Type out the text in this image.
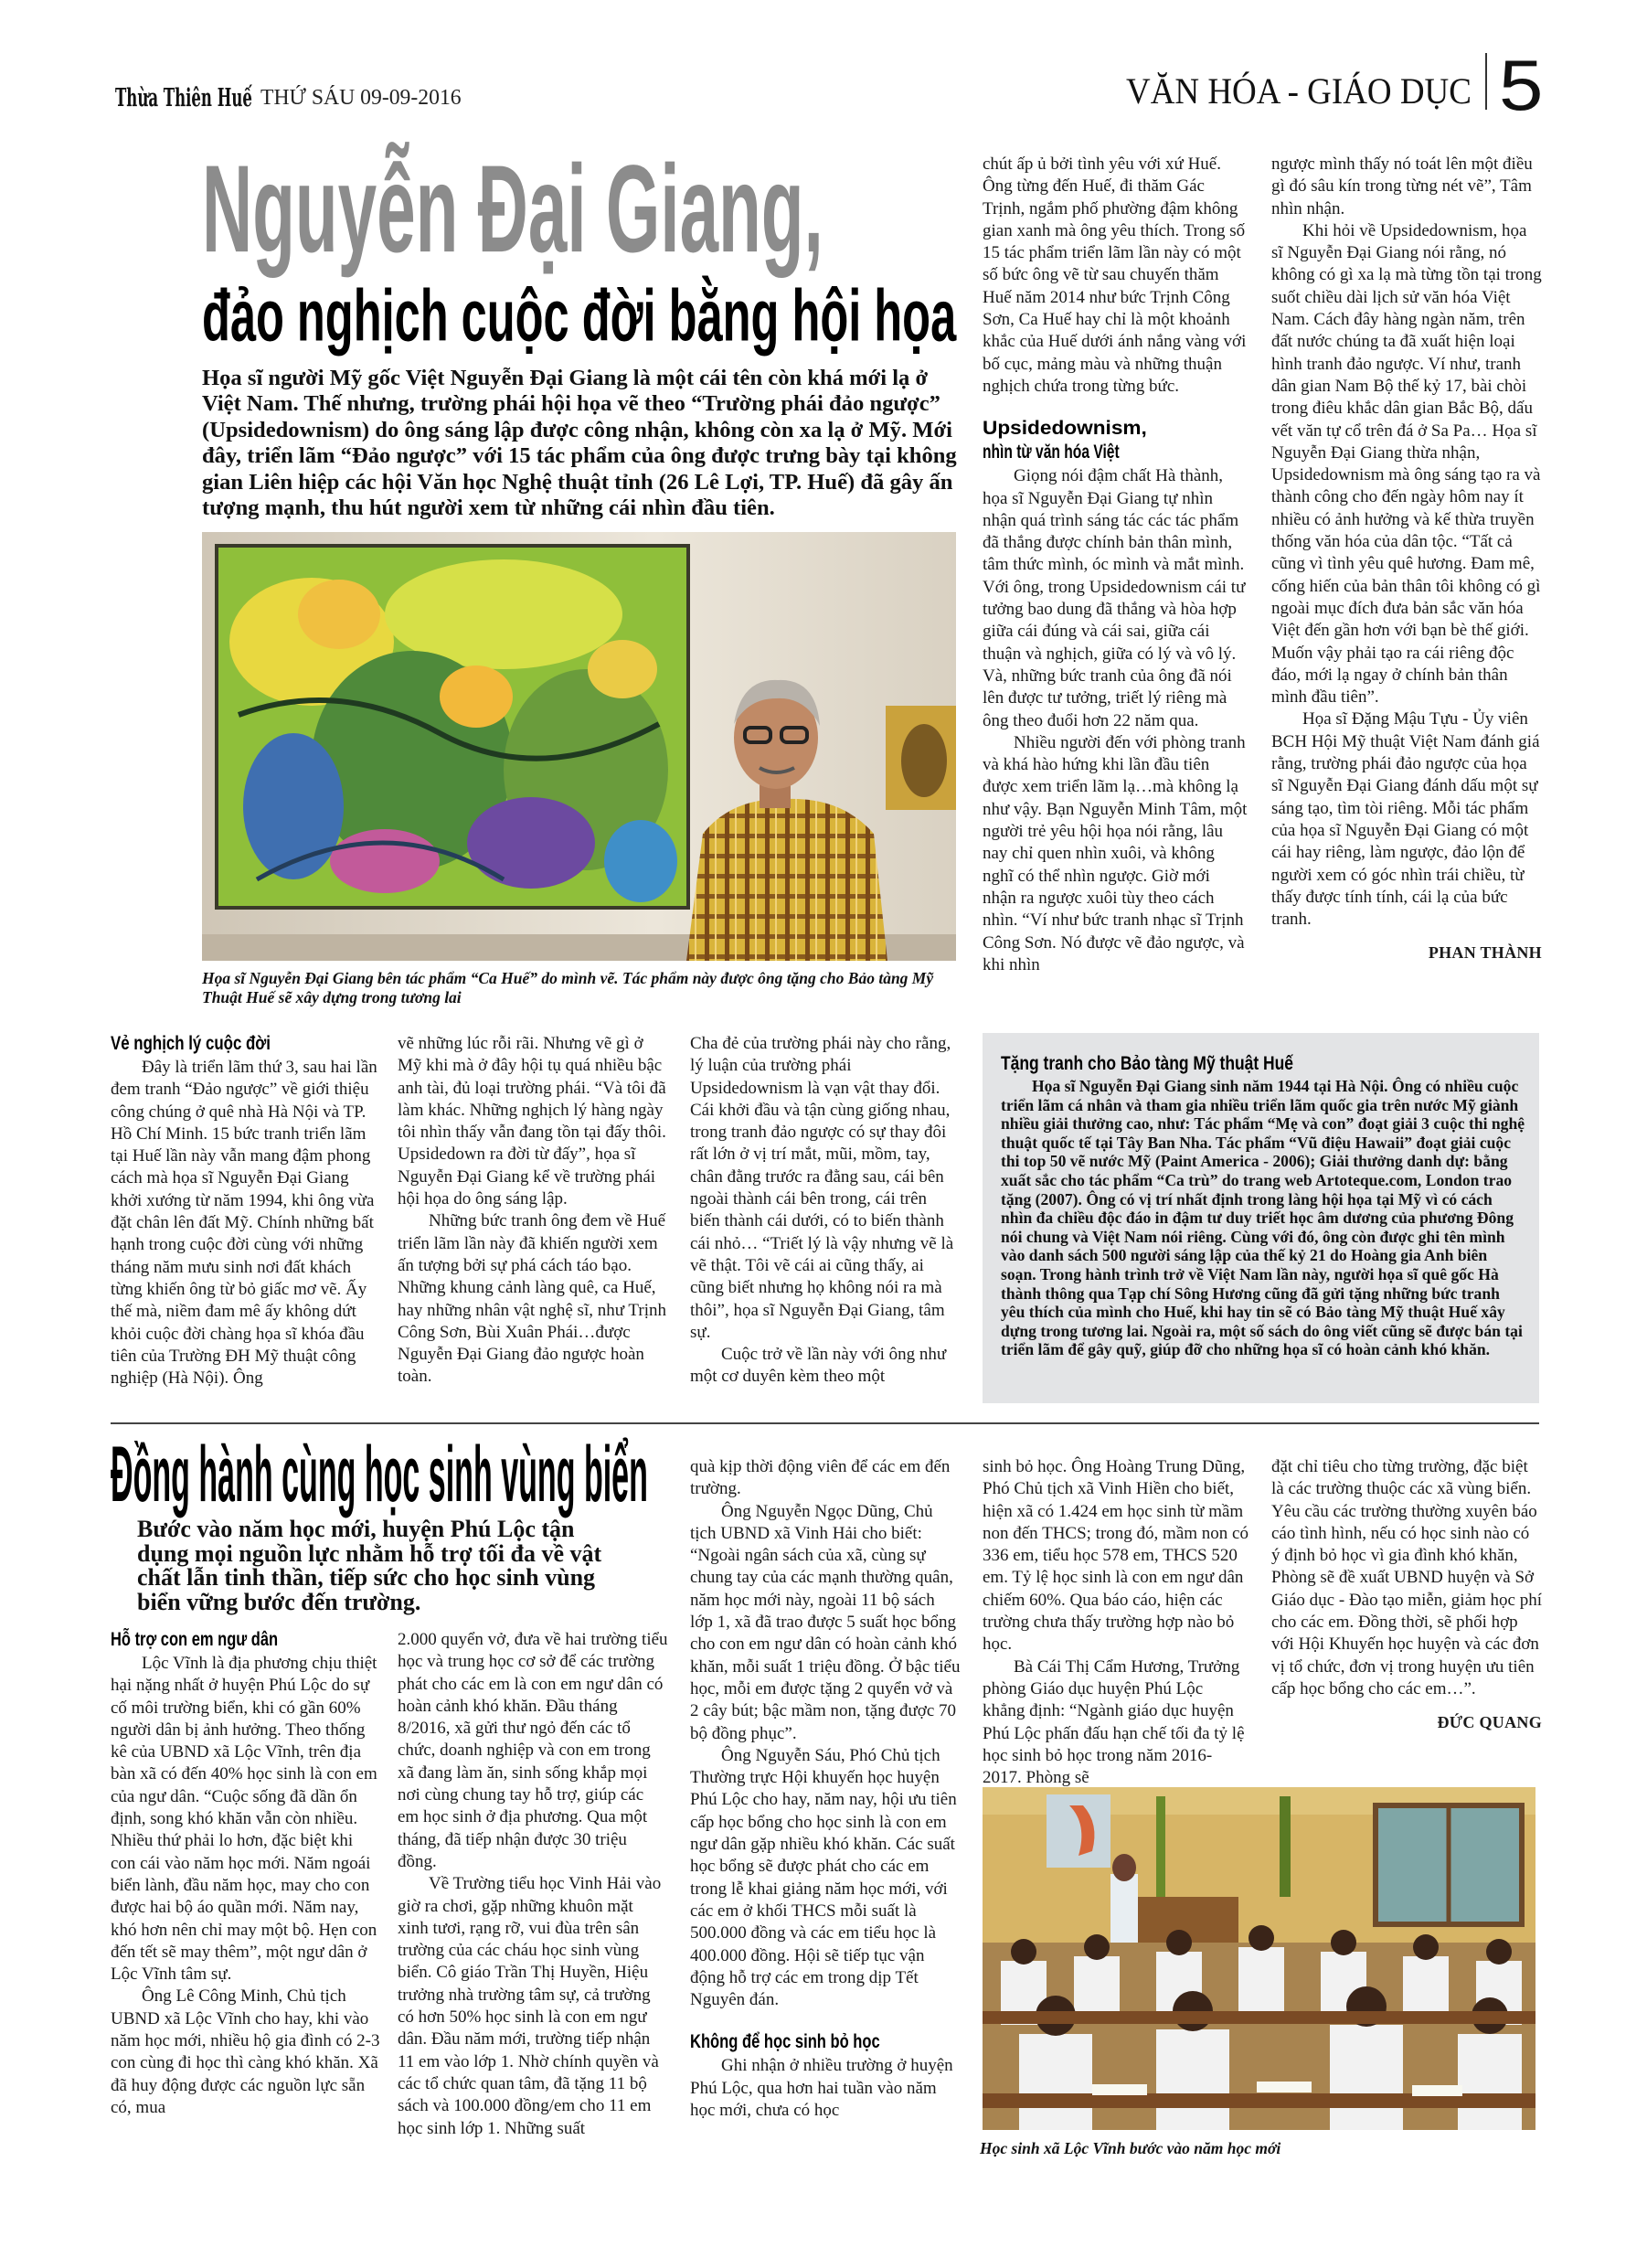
Thừa Thiên Huế THỨ SÁU 09-09-2016	VĂN HÓA - GIÁO DỤC 5
Nguyễn Đại Giang,
đảo nghịch cuộc đời bằng hội họa
Họa sĩ người Mỹ gốc Việt Nguyễn Đại Giang là một cái tên còn khá mới lạ ở Việt Nam. Thế nhưng, trường phái hội họa vẽ theo “Trường phái đảo ngược” (Upsidedownism) do ông sáng lập được công nhận, không còn xa lạ ở Mỹ. Mới đây, triển lãm “Đảo ngược” với 15 tác phẩm của ông được trưng bày tại không gian Liên hiệp các hội Văn học Nghệ thuật tỉnh (26 Lê Lợi, TP. Huế) đã gây ấn tượng mạnh, thu hút người xem từ những cái nhìn đầu tiên.
Họa sĩ Nguyễn Đại Giang bên tác phẩm “Ca Huế” do mình vẽ. Tác phẩm này được ông tặng cho Bảo tàng Mỹ Thuật Huế sẽ xây dựng trong tương lai

chút ấp ủ bởi tình yêu với xứ Huế. Ông từng đến Huế, đi thăm Gác Trịnh, ngắm phố phường đậm không gian xanh mà ông yêu thích. Trong số 15 tác phẩm triển lãm lần này có một số bức ông vẽ từ sau chuyến thăm Huế năm 2014 như bức Trịnh Công Sơn, Ca Huế hay chỉ là một khoảnh khắc của Huế dưới ánh nắng vàng với bố cục, mảng màu và những thuận nghịch chứa trong từng bức.

Upsidedownism,
nhìn từ văn hóa Việt

Giọng nói đậm chất Hà thành, họa sĩ Nguyễn Đại Giang tự nhìn nhận quá trình sáng tác các tác phẩm đã thắng được chính bản thân mình, tâm thức mình, óc mình và mắt mình. Với ông, trong Upsidedownism cái tư tưởng bao dung đã thắng và hòa hợp giữa cái đúng và cái sai, giữa cái thuận và nghịch, giữa có lý và vô lý. Và, những bức tranh của ông đã nói lên được tư tưởng, triết lý riêng mà ông theo đuổi hơn 22 năm qua.

Nhiều người đến với phòng tranh và khá hào hứng khi lần đầu tiên được xem triển lãm lạ…mà không lạ như vậy. Bạn Nguyễn Minh Tâm, một người trẻ yêu hội họa nói rằng, lâu nay chỉ quen nhìn xuôi, và không nghĩ có thể nhìn ngược. Giờ mới nhận ra ngược xuôi tùy theo cách nhìn. “Ví như bức tranh nhạc sĩ Trịnh Công Sơn. Nó được vẽ đảo ngược, và khi nhìn

ngược mình thấy nó toát lên một điều gì đó sâu kín trong từng nét vẽ”, Tâm nhìn nhận.

Khi hỏi về Upsidedownism, họa sĩ Nguyễn Đại Giang nói rằng, nó không có gì xa lạ mà từng tồn tại trong suốt chiều dài lịch sử văn hóa Việt Nam. Cách đây hàng ngàn năm, trên đất nước chúng ta đã xuất hiện loại hình tranh đảo ngược. Ví như, tranh dân gian Nam Bộ thế kỷ 17, bài chòi trong điêu khắc dân gian Bắc Bộ, dấu vết văn tự cổ trên đá ở Sa Pa… Họa sĩ Nguyễn Đại Giang thừa nhận, Upsidedownism mà ông sáng tạo ra và thành công cho đến ngày hôm nay ít nhiều có ảnh hưởng và kế thừa truyền thống văn hóa của dân tộc. “Tất cả cũng vì tình yêu quê hương. Đam mê, cống hiến của bản thân tôi không có gì ngoài mục đích đưa bản sắc văn hóa Việt đến gần hơn với bạn bè thế giới. Muốn vậy phải tạo ra cái riêng độc đáo, mới lạ ngay ở chính bản thân mình đầu tiên”.

Họa sĩ Đặng Mậu Tựu - Ủy viên BCH Hội Mỹ thuật Việt Nam đánh giá rằng, trường phái đảo ngược của họa sĩ Nguyễn Đại Giang đánh dấu một sự sáng tạo, tìm tòi riêng. Mỗi tác phẩm của họa sĩ Nguyễn Đại Giang có một cái hay riêng, làm ngược, đảo lộn để người xem có góc nhìn trái chiều, từ thấy được tính tính, cái lạ của bức tranh.

PHAN THÀNH
Vẻ nghịch lý cuộc đời

Đây là triển lãm thứ 3, sau hai lần đem tranh “Đảo ngược” về giới thiệu công chúng ở quê nhà Hà Nội và TP. Hồ Chí Minh. 15 bức tranh triển lãm tại Huế lần này vẫn mang đậm phong cách mà họa sĩ Nguyễn Đại Giang khởi xướng từ năm 1994, khi ông vừa đặt chân lên đất Mỹ. Chính những bất hạnh trong cuộc đời cùng với những tháng năm mưu sinh nơi đất khách từng khiến ông từ bỏ giấc mơ vẽ. Ấy thế mà, niềm đam mê ấy không dứt khỏi cuộc đời chàng họa sĩ khóa đầu tiên của Trường ĐH Mỹ thuật công nghiệp (Hà Nội). Ông

vẽ những lúc rỗi rãi. Nhưng vẽ gì ở Mỹ khi mà ở đây hội tụ quá nhiều bậc anh tài, đủ loại trường phái. “Và tôi đã làm khác. Những nghịch lý hàng ngày tôi nhìn thấy vẫn đang tồn tại đấy thôi. Upsidedown ra đời từ đấy”, họa sĩ Nguyễn Đại Giang kể về trường phái hội họa do ông sáng lập.

Những bức tranh ông đem về Huế triển lãm lần này đã khiến người xem ấn tượng bởi sự phá cách táo bạo. Những khung cảnh làng quê, ca Huế, hay những nhân vật nghệ sĩ, như Trịnh Công Sơn, Bùi Xuân Phái…được Nguyễn Đại Giang đảo ngược hoàn toàn.

Cha đẻ của trường phái này cho rằng, lý luận của trường phái Upsidedownism là vạn vật thay đổi. Cái khởi đầu và tận cùng giống nhau, trong tranh đảo ngược có sự thay đôi rất lớn ở vị trí mắt, mũi, mồm, tay, chân đằng trước ra đằng sau, cái bên ngoài thành cái bên trong, cái trên biến thành cái dưới, có to biến thành cái nhỏ… “Triết lý là vậy nhưng vẽ là vẽ thật. Tôi vẽ cái ai cũng thấy, ai cũng biết nhưng họ không nói ra mà thôi”, họa sĩ Nguyễn Đại Giang, tâm sự.

Cuộc trở về lần này với ông như một cơ duyên kèm theo một

Tặng tranh cho Bảo tàng Mỹ thuật Huế

Họa sĩ Nguyễn Đại Giang sinh năm 1944 tại Hà Nội. Ông có nhiều cuộc triển lãm cá nhân và tham gia nhiều triển lãm quốc gia trên nước Mỹ giành nhiều giải thưởng cao, như: Tác phẩm “Mẹ và con” đoạt giải 3 cuộc thi nghệ thuật quốc tế tại Tây Ban Nha. Tác phẩm “Vũ điệu Hawaii” đoạt giải cuộc thi top 50 vẽ nước Mỹ (Paint America - 2006); Giải thưởng danh dự: bằng xuất sắc cho tác phẩm “Ca trù” do trang web Artoteque.com, London trao tặng (2007). Ông có vị trí nhất định trong làng hội họa tại Mỹ vì có cách nhìn đa chiều độc đáo in đậm tư duy triết học âm dương của phương Đông nói chung và Việt Nam nói riêng. Cùng với đó, ông còn được ghi tên mình vào danh sách 500 người sáng lập của thế kỷ 21 do Hoàng gia Anh biên soạn. Trong hành trình trở về Việt Nam lần này, người họa sĩ quê gốc Hà thành thông qua Tạp chí Sông Hương cũng đã gửi tặng những bức tranh yêu thích của mình cho Huế, khi hay tin sẽ có Bảo tàng Mỹ thuật Huế xây dựng trong tương lai. Ngoài ra, một số sách do ông viết cũng sẽ được bán tại triển lãm để gây quỹ, giúp đỡ cho những họa sĩ có hoàn cảnh khó khăn.

Đồng hành cùng học sinh vùng biển
Bước vào năm học mới, huyện Phú Lộc tận dụng mọi nguồn lực nhằm hỗ trợ tối đa về vật chất lẫn tinh thần, tiếp sức cho học sinh vùng biển vững bước đến trường.
Hỗ trợ con em ngư dân

Lộc Vĩnh là địa phương chịu thiệt hại nặng nhất ở huyện Phú Lộc do sự cố môi trường biển, khi có gần 60% người dân bị ảnh hưởng. Theo thống kê của UBND xã Lộc Vĩnh, trên địa bàn xã có đến 40% học sinh là con em của ngư dân. “Cuộc sống đã dần ổn định, song khó khăn vẫn còn nhiều. Nhiều thứ phải lo hơn, đặc biệt khi con cái vào năm học mới. Năm ngoái biển lành, đầu năm học, may cho con được hai bộ áo quần mới. Năm nay, khó hơn nên chỉ may một bộ. Hẹn con đến tết sẽ may thêm”, một ngư dân ở Lộc Vĩnh tâm sự.

Ông Lê Công Minh, Chủ tịch UBND xã Lộc Vĩnh cho hay, khi vào năm học mới, nhiều hộ gia đình có 2-3 con cùng đi học thì càng khó khăn. Xã đã huy động được các nguồn lực sẵn có, mua

2.000 quyển vở, đưa về hai trường tiểu học và trung học cơ sở để các trường phát cho các em là con em ngư dân có hoàn cảnh khó khăn. Đầu tháng 8/2016, xã gửi thư ngỏ đến các tổ chức, doanh nghiệp và con em trong xã đang làm ăn, sinh sống khắp mọi nơi cùng chung tay hỗ trợ, giúp các em học sinh ở địa phương. Qua một tháng, đã tiếp nhận được 30 triệu đồng.

Về Trường tiểu học Vinh Hải vào giờ ra chơi, gặp những khuôn mặt xinh tươi, rạng rỡ, vui đùa trên sân trường của các cháu học sinh vùng biển. Cô giáo Trần Thị Huyền, Hiệu trưởng nhà trường tâm sự, cả trường có hơn 50% học sinh là con em ngư dân. Đầu năm mới, trường tiếp nhận 11 em vào lớp 1. Nhờ chính quyền và các tổ chức quan tâm, đã tặng 11 bộ sách và 100.000 đồng/em cho 11 em học sinh lớp 1. Những suất

quà kịp thời động viên để các em đến trường.

Ông Nguyễn Ngọc Dũng, Chủ tịch UBND xã Vinh Hải cho biết: “Ngoài ngân sách của xã, cùng sự chung tay của các mạnh thường quân, năm học mới này, ngoài 11 bộ sách lớp 1, xã đã trao được 5 suất học bổng cho con em ngư dân có hoàn cảnh khó khăn, mỗi suất 1 triệu đồng. Ở bậc tiểu học, mỗi em được tặng 2 quyển vở và 2 cây bút; bậc mầm non, tặng được 70 bộ đồng phục”.

Ông Nguyễn Sáu, Phó Chủ tịch Thường trực Hội khuyến học huyện Phú Lộc cho hay, năm nay, hội ưu tiên cấp học bổng cho học sinh là con em ngư dân gặp nhiều khó khăn. Các suất học bổng sẽ được phát cho các em trong lễ khai giảng năm học mới, với các em ở khối THCS mỗi suất là 500.000 đồng và các em tiểu học là 400.000 đồng. Hội sẽ tiếp tục vận động hỗ trợ các em trong dịp Tết Nguyên đán.

Không để học sinh bỏ học

Ghi nhận ở nhiều trường ở huyện Phú Lộc, qua hơn hai tuần vào năm học mới, chưa có học

sinh bỏ học. Ông Hoàng Trung Dũng, Phó Chủ tịch xã Vinh Hiền cho biết, hiện xã có 1.424 em học sinh từ mầm non đến THCS; trong đó, mầm non có 336 em, tiểu học 578 em, THCS 520 em. Tỷ lệ học sinh là con em ngư dân chiếm 60%. Qua báo cáo, hiện các trường chưa thấy trường hợp nào bỏ học.

Bà Cái Thị Cẩm Hương, Trưởng phòng Giáo dục huyện Phú Lộc khẳng định: “Ngành giáo dục huyện Phú Lộc phấn đấu hạn chế tối đa tỷ lệ học sinh bỏ học trong năm 2016-2017. Phòng sẽ

đặt chỉ tiêu cho từng trường, đặc biệt là các trường thuộc các xã vùng biển. Yêu cầu các trường thường xuyên báo cáo tình hình, nếu có học sinh nào có ý định bỏ học vì gia đình khó khăn, Phòng sẽ đề xuất UBND huyện và Sở Giáo dục - Đào tạo miễn, giảm học phí cho các em. Đồng thời, sẽ phối hợp với Hội Khuyến học huyện và các đơn vị tổ chức, đơn vị trong huyện ưu tiên cấp học bổng cho các em…”.

ĐỨC QUANG
Học sinh xã Lộc Vĩnh bước vào năm học mới
